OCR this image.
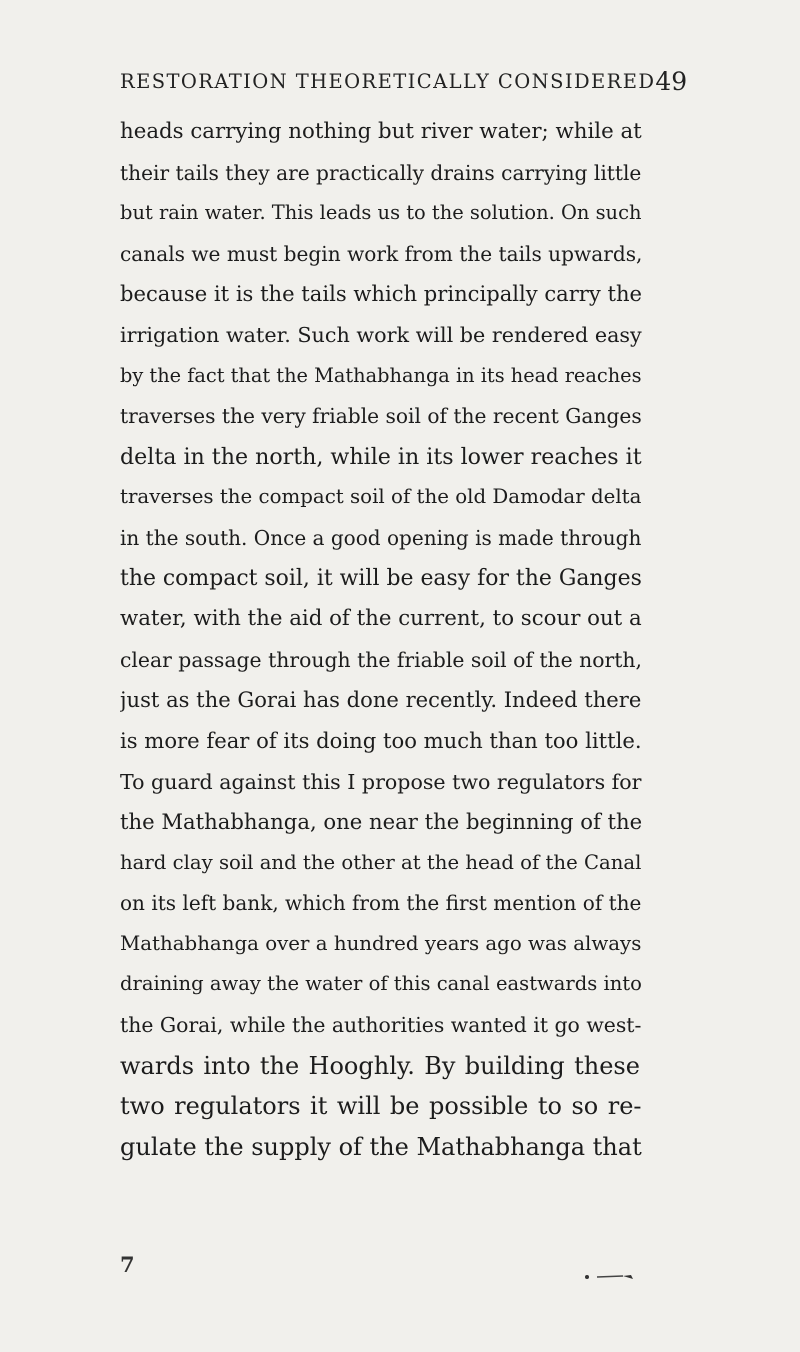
RESTORATION THEORETICALLY CONSIDERED 49
heads carrying nothing but river water; while at
their tails they are practically drains carrying little
but rain water. This leads us to the solution. On such
canals we must begin work from the tails upwards,
because it is the tails which principally carry the
irrigation water. Such work will be rendered easy
by the fact that the Mathabhanga in its head reaches
traverses the very friable soil of the recent Ganges
delta in the north, while in its lower reaches it
traverses the compact soil of the old Damodar delta
in the south. Once a good opening is made through
the compact soil, it will be easy for the Ganges
water, with the aid of the current, to scour out a
clear passage through the friable soil of the north,
just as the Gorai has done recently. Indeed there
is more fear of its doing too much than too little.
To guard against this I propose two regulators for
the Mathabhanga, one near the beginning of the
hard clay soil and the other at the head of the Canal
on its left bank, which from the first mention of the
Mathabhanga over a hundred years ago was always
draining away the water of this canal eastwards into
the Gorai, while the authorities wanted it go west-
wards into the Hooghly. By building these
two regulators it will be possible to so re-
gulate the supply of the Mathabhanga that
7
